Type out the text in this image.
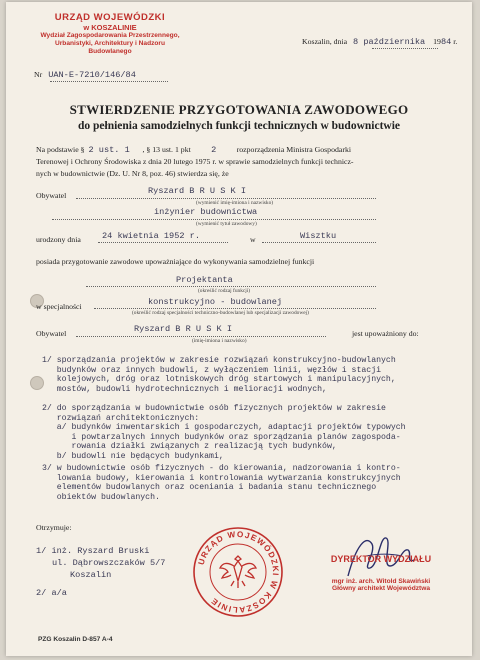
URZĄD WOJEWÓDZKI
w KOSZALINIE
Wydział Zagospodarowania Przestrzennego,
Urbanistyki, Architektury i Nadzoru
Budowlanego
Koszalin, dnia 8 października 1984 r.
Nr UAN-E-7210/146/84
STWIERDZENIE PRZYGOTOWANIA ZAWODOWEGO
do pełnienia samodzielnych funkcji technicznych w budownictwie
Na podstawie § 2 ust. 1 , § 13 ust. 1 pkt 2	rozporządzenia Ministra Gospodarki
Terenowej i Ochrony Środowiska z dnia 20 lutego 1975 r. w sprawie samodzielnych funkcji technicz-
nych w budownictwie (Dz. U. Nr 8, poz. 46) stwierdza się, że
Obywatel	Ryszard B R U S K I
(wymienić imię-imiona i nazwisko)
inżynier budownictwa
(wymienić tytuł zawodowy)
urodzony dnia 24 kwietnia 1952 r.	w	Wisztku
posiada przygotowanie zawodowe upoważniające do wykonywania samodzielnej funkcji
Projektanta
(określić rodzaj funkcji)
w specjalności	konstrukcyjno - budowlanej
(określić rodzaj specjalności techniczno-budowlanej lub specjalizacji zawodowej)
Obywatel	Ryszard B R U S K I
(imię-imiona i nazwisko)
jest upoważniony do:
1/ sporządzania projektów w zakresie rozwiązań konstrukcyjno-budowlanych
budynków oraz innych budowli, z wyłączeniem linii, węzłów i stacji
kolejowych, dróg oraz lotniskowych dróg startowych i manipulacyjnych,
mostów, budowli hydrotechnicznych i melioracji wodnych,
2/ do sporządzania w budownictwie osób fizycznych projektów w zakresie
rozwiązań architektonicznych:
a/ budynków inwentarskich i gospodarczych, adaptacji projektów typowych
i powtarzalnych innych budynków oraz sporządzania planów zagospoda-
rowania działki związanych z realizacją tych budynków,
b/ budowli nie będących budynkami,
3/ w budownictwie osób fizycznych - do kierowania, nadzorowania i kontro-
lowania budowy, kierowania i kontrolowania wytwarzania konstrukcyjnych
elementów budowlanych oraz oceniania i badania stanu technicznego
obiektów budowlanych.
Otrzymuje:
1/ inż. Ryszard Bruski
ul. Dąbrowszczaków 5/7
Koszalin
2/ a/a
URZĄD WOJEWÓDZKI W KOSZALINIE
DYREKTOR WYDZIAŁU
mgr inż. arch. Witold Skawiński
Główny architekt Województwa
PZG Koszalin D-857 A-4
